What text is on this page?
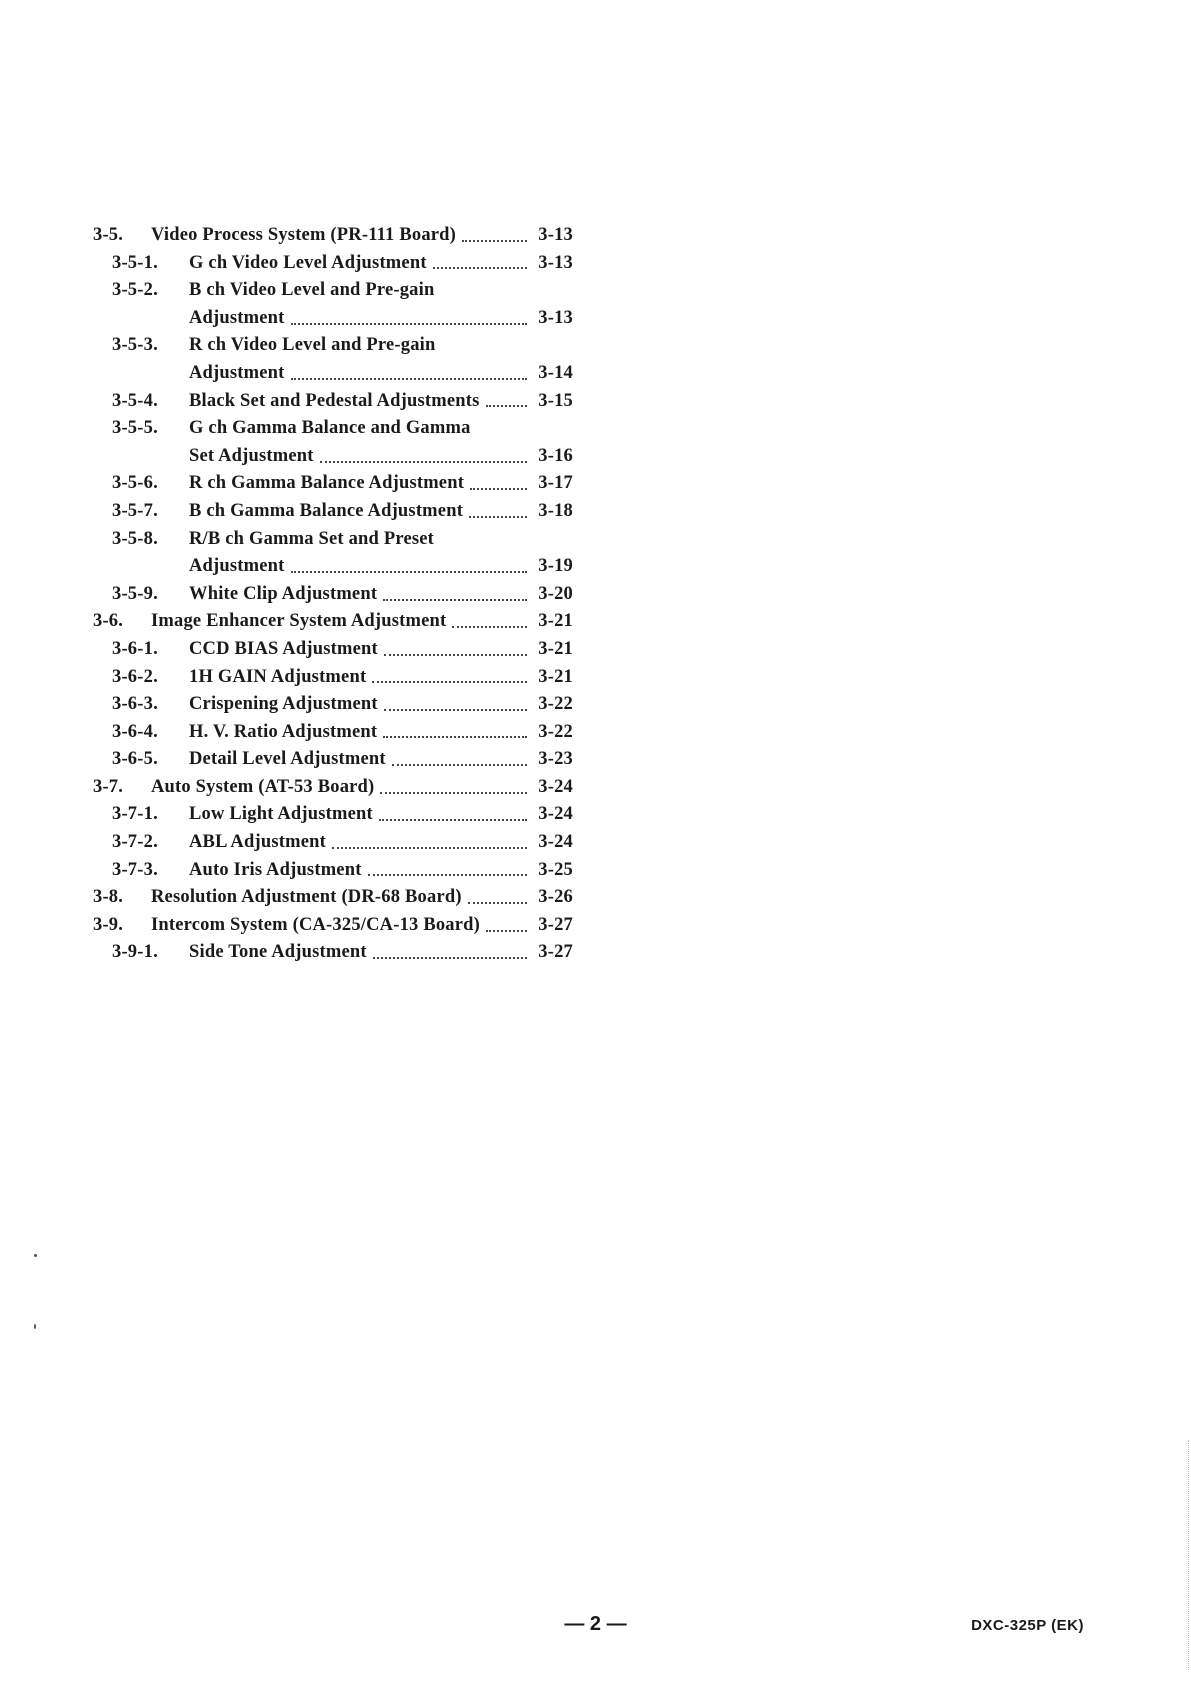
3-5.	Video Process System (PR-111 Board)	3-13
3-5-1.	G ch Video Level Adjustment	3-13
3-5-2.	B ch Video Level and Pre-gain
Adjustment	3-13
3-5-3.	R ch Video Level and Pre-gain
Adjustment	3-14
3-5-4.	Black Set and Pedestal Adjustments	3-15
3-5-5.	G ch Gamma Balance and Gamma
Set Adjustment	3-16
3-5-6.	R ch Gamma Balance Adjustment	3-17
3-5-7.	B ch Gamma Balance Adjustment	3-18
3-5-8.	R/B ch Gamma Set and Preset
Adjustment	3-19
3-5-9.	White Clip Adjustment	3-20
3-6.	Image Enhancer System Adjustment	3-21
3-6-1.	CCD BIAS Adjustment	3-21
3-6-2.	1H GAIN Adjustment	3-21
3-6-3.	Crispening Adjustment	3-22
3-6-4.	H. V. Ratio Adjustment	3-22
3-6-5.	Detail Level Adjustment	3-23
3-7.	Auto System (AT-53 Board)	3-24
3-7-1.	Low Light Adjustment	3-24
3-7-2.	ABL Adjustment	3-24
3-7-3.	Auto Iris Adjustment	3-25
3-8.	Resolution Adjustment (DR-68 Board)	3-26
3-9.	Intercom System (CA-325/CA-13 Board)	3-27
3-9-1.	Side Tone Adjustment	3-27
— 2 —	DXC-325P (EK)
